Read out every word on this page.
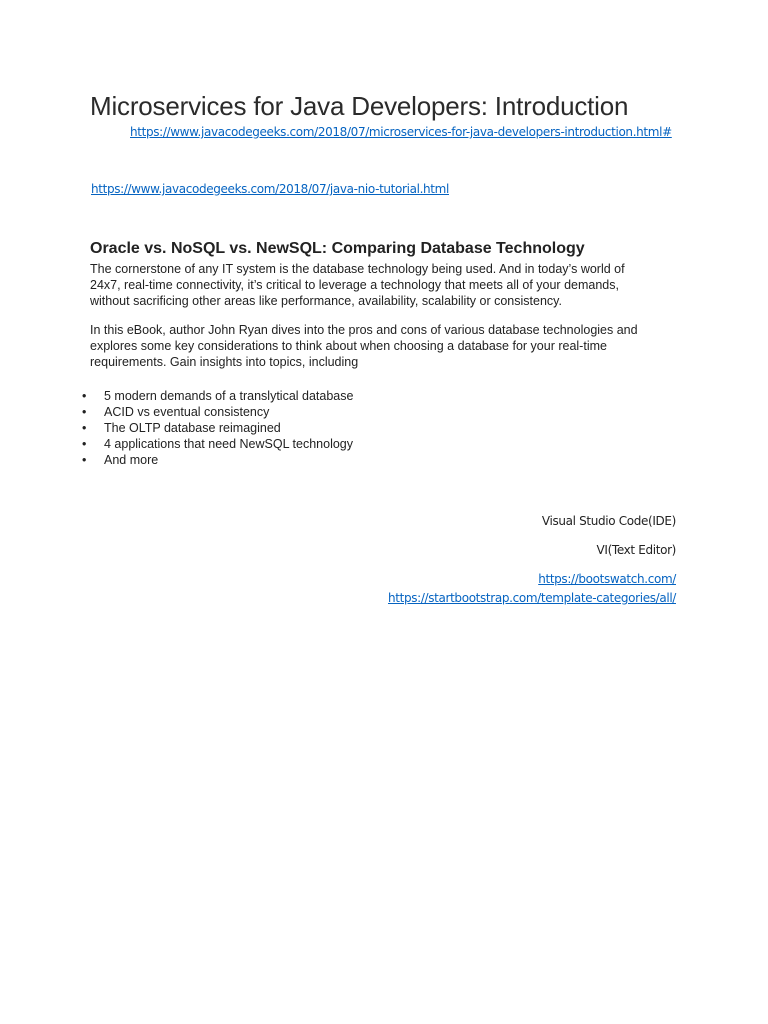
Microservices for Java Developers: Introduction
https://www.javacodegeeks.com/2018/07/microservices-for-java-developers-introduction.html#
https://www.javacodegeeks.com/2018/07/java-nio-tutorial.html
Oracle vs. NoSQL vs. NewSQL: Comparing Database Technology
The cornerstone of any IT system is the database technology being used. And in today’s world of
24x7, real-time connectivity, it’s critical to leverage a technology that meets all of your demands,
without sacrificing other areas like performance, availability, scalability or consistency.
In this eBook, author John Ryan dives into the pros and cons of various database technologies and
explores some key considerations to think about when choosing a database for your real-time
requirements. Gain insights into topics, including
• 5 modern demands of a translytical database
• ACID vs eventual consistency
• The OLTP database reimagined
• 4 applications that need NewSQL technology
• And more
Visual Studio Code(IDE)
VI(Text Editor)
https://bootswatch.com/
https://startbootstrap.com/template-categories/all/
